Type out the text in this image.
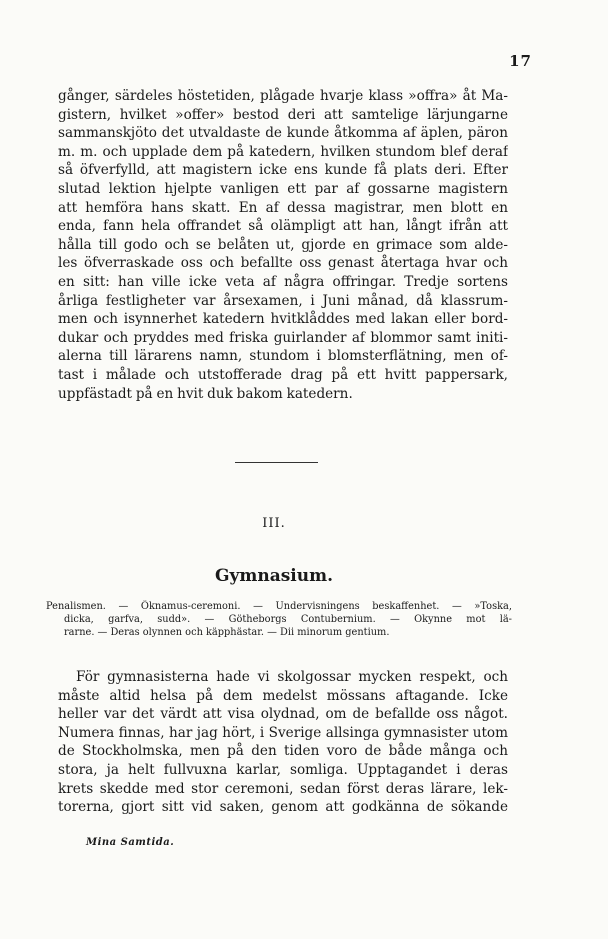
17
gånger, särdeles höstetiden, plågade hvarje klass »offra» åt Ma-
gistern, hvilket »offer» bestod deri att samtelige lärjungarne
sammanskjöto det utvaldaste de kunde åtkomma af äplen, päron
m. m. och upplade dem på katedern, hvilken stundom blef deraf
så öfverfylld, att magistern icke ens kunde få plats deri. Efter
slutad lektion hjelpte vanligen ett par af gossarne magistern
att hemföra hans skatt. En af dessa magistrar, men blott en
enda, fann hela offrandet så olämpligt att han, långt ifrån att
hålla till godo och se belåten ut, gjorde en grimace som alde-
les öfverraskade oss och befallte oss genast återtaga hvar och
en sitt: han ville icke veta af några offringar. Tredje sortens
årliga festligheter var årsexamen, i Juni månad, då klassrum-
men och isynnerhet katedern hvitklåddes med lakan eller bord-
dukar och pryddes med friska guirlander af blommor samt initi-
alerna till lärarens namn, stundom i blomsterflätning, men of-
tast i målade och utstofferade drag på ett hvitt pappersark,
uppfästadt på en hvit duk bakom katedern.
III.
Gymnasium.
Penalismen. — Öknamus-ceremoni. — Undervisningens beskaffenhet. — »Toska,
dicka, garfva, sudd». — Götheborgs Contubernium. — Okynne mot lä-
rarne. — Deras olynnen och käpphästar. — Dii minorum gentium.
För gymnasisterna hade vi skolgossar mycken respekt, och
måste altid helsa på dem medelst mössans aftagande. Icke
heller var det värdt att visa olydnad, om de befallde oss något.
Numera finnas, har jag hört, i Sverige allsinga gymnasister utom
de Stockholmska, men på den tiden voro de både många och
stora, ja helt fullvuxna karlar, somliga. Upptagandet i deras
krets skedde med stor ceremoni, sedan först deras lärare, lek-
torerna, gjort sitt vid saken, genom att godkänna de sökande
Mina Samtida.
